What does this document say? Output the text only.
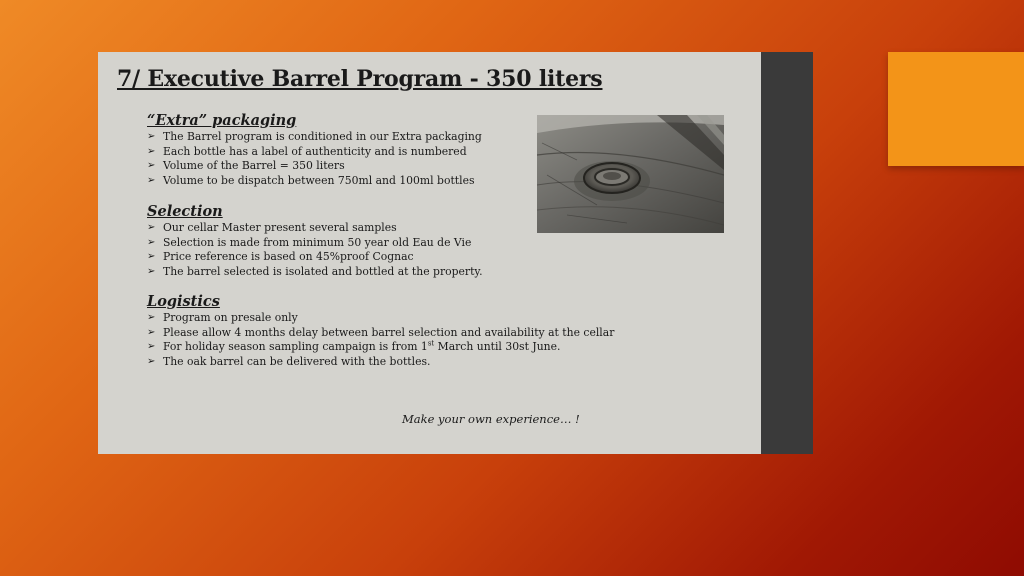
7/ Executive Barrel Program - 350 liters

“Extra” packaging

➢ The Barrel program is conditioned in our Extra packaging
➢ Each bottle has a label of authenticity and is numbered
➢ Volume of the Barrel = 350 liters
➢ Volume to be dispatch between 750ml and 100ml bottles

Selection

➢ Our cellar Master present several samples
➢ Selection is made from minimum 50 year old Eau de Vie
➢ Price reference is based on 45%proof Cognac
➢ The barrel selected is isolated and bottled at the property.

Logistics

➢ Program on presale only
➢ Please allow 4 months delay between barrel selection and availability at the cellar
➢ For holiday season sampling campaign is from 1st March until 30st June.
➢ The oak barrel can be delivered with the bottles.
Make your own experience… !
